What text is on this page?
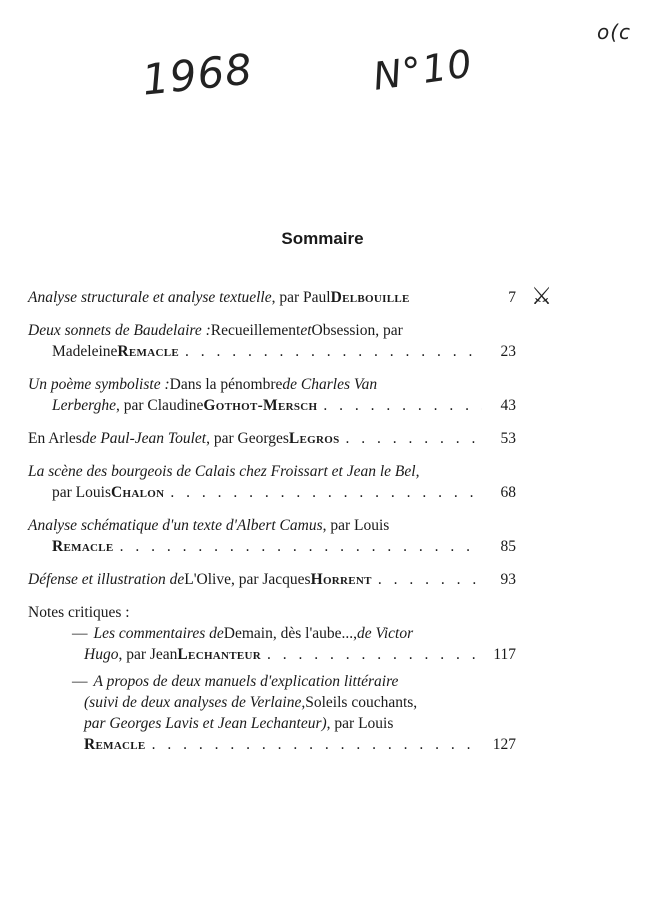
1968	N°10
o(c
⚔
Sommaire
Analyse structurale et analyse textuelle , par Paul Delbouille	7
Deux sonnets de Baudelaire : Recueillement et Obsession, par
Madeleine Remacle . . .	23
Un poème symboliste : Dans la pénombre de Charles Van
Lerberghe , par Claudine Gothot-Mersch . . .	43
En Arles de Paul-Jean Toulet , par Georges Legros . . .	53
La scène des bourgeois de Calais chez Froissart et Jean le Bel,
par Louis Chalon . . .	68
Analyse schématique d'un texte d'Albert Camus , par Louis
Remacle . . .	85
Défense et illustration de L'Olive, par Jacques Horrent . . .	93
Notes critiques :
— Les commentaires de Demain, dès l'aube..., de Victor
Hugo , par Jean Lechanteur . . .	117
— A propos de deux manuels d'explication littéraire
(suivi de deux analyses de Verlaine, Soleils couchants,
par Georges Lavis et Jean Lechanteur) , par Louis
Remacle . . .	127
